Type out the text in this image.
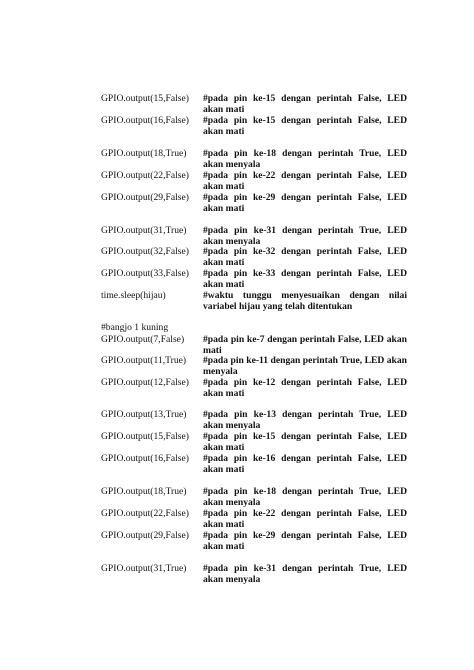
GPIO.output(15,False)	#pada pin ke-15 dengan perintah False, LED akan mati
GPIO.output(16,False)	#pada pin ke-15 dengan perintah False, LED akan mati
GPIO.output(18,True)	#pada pin ke-18 dengan perintah True, LED akan menyala
GPIO.output(22,False)	#pada pin ke-22 dengan perintah False, LED akan mati
GPIO.output(29,False)	#pada pin ke-29 dengan perintah False, LED akan mati
GPIO.output(31,True)	#pada pin ke-31 dengan perintah True, LED akan menyala
GPIO.output(32,False)	#pada pin ke-32 dengan perintah False, LED akan mati
GPIO.output(33,False)	#pada pin ke-33 dengan perintah False, LED akan mati
time.sleep(hijau)	#waktu tunggu menyesuaikan dengan nilai variabel hijau yang telah ditentukan
#bangjo 1 kuning
GPIO.output(7,False)	#pada pin ke-7 dengan perintah False, LED akan mati
GPIO.output(11,True)	#pada pin ke-11 dengan perintah True, LED akan menyala
GPIO.output(12,False)	#pada pin ke-12 dengan perintah False, LED akan mati
GPIO.output(13,True)	#pada pin ke-13 dengan perintah True, LED akan menyala
GPIO.output(15,False)	#pada pin ke-15 dengan perintah False, LED akan mati
GPIO.output(16,False)	#pada pin ke-16 dengan perintah False, LED akan mati
GPIO.output(18,True)	#pada pin ke-18 dengan perintah True, LED akan menyala
GPIO.output(22,False)	#pada pin ke-22 dengan perintah False, LED akan mati
GPIO.output(29,False)	#pada pin ke-29 dengan perintah False, LED akan mati
GPIO.output(31,True)	#pada pin ke-31 dengan perintah True, LED akan menyala
